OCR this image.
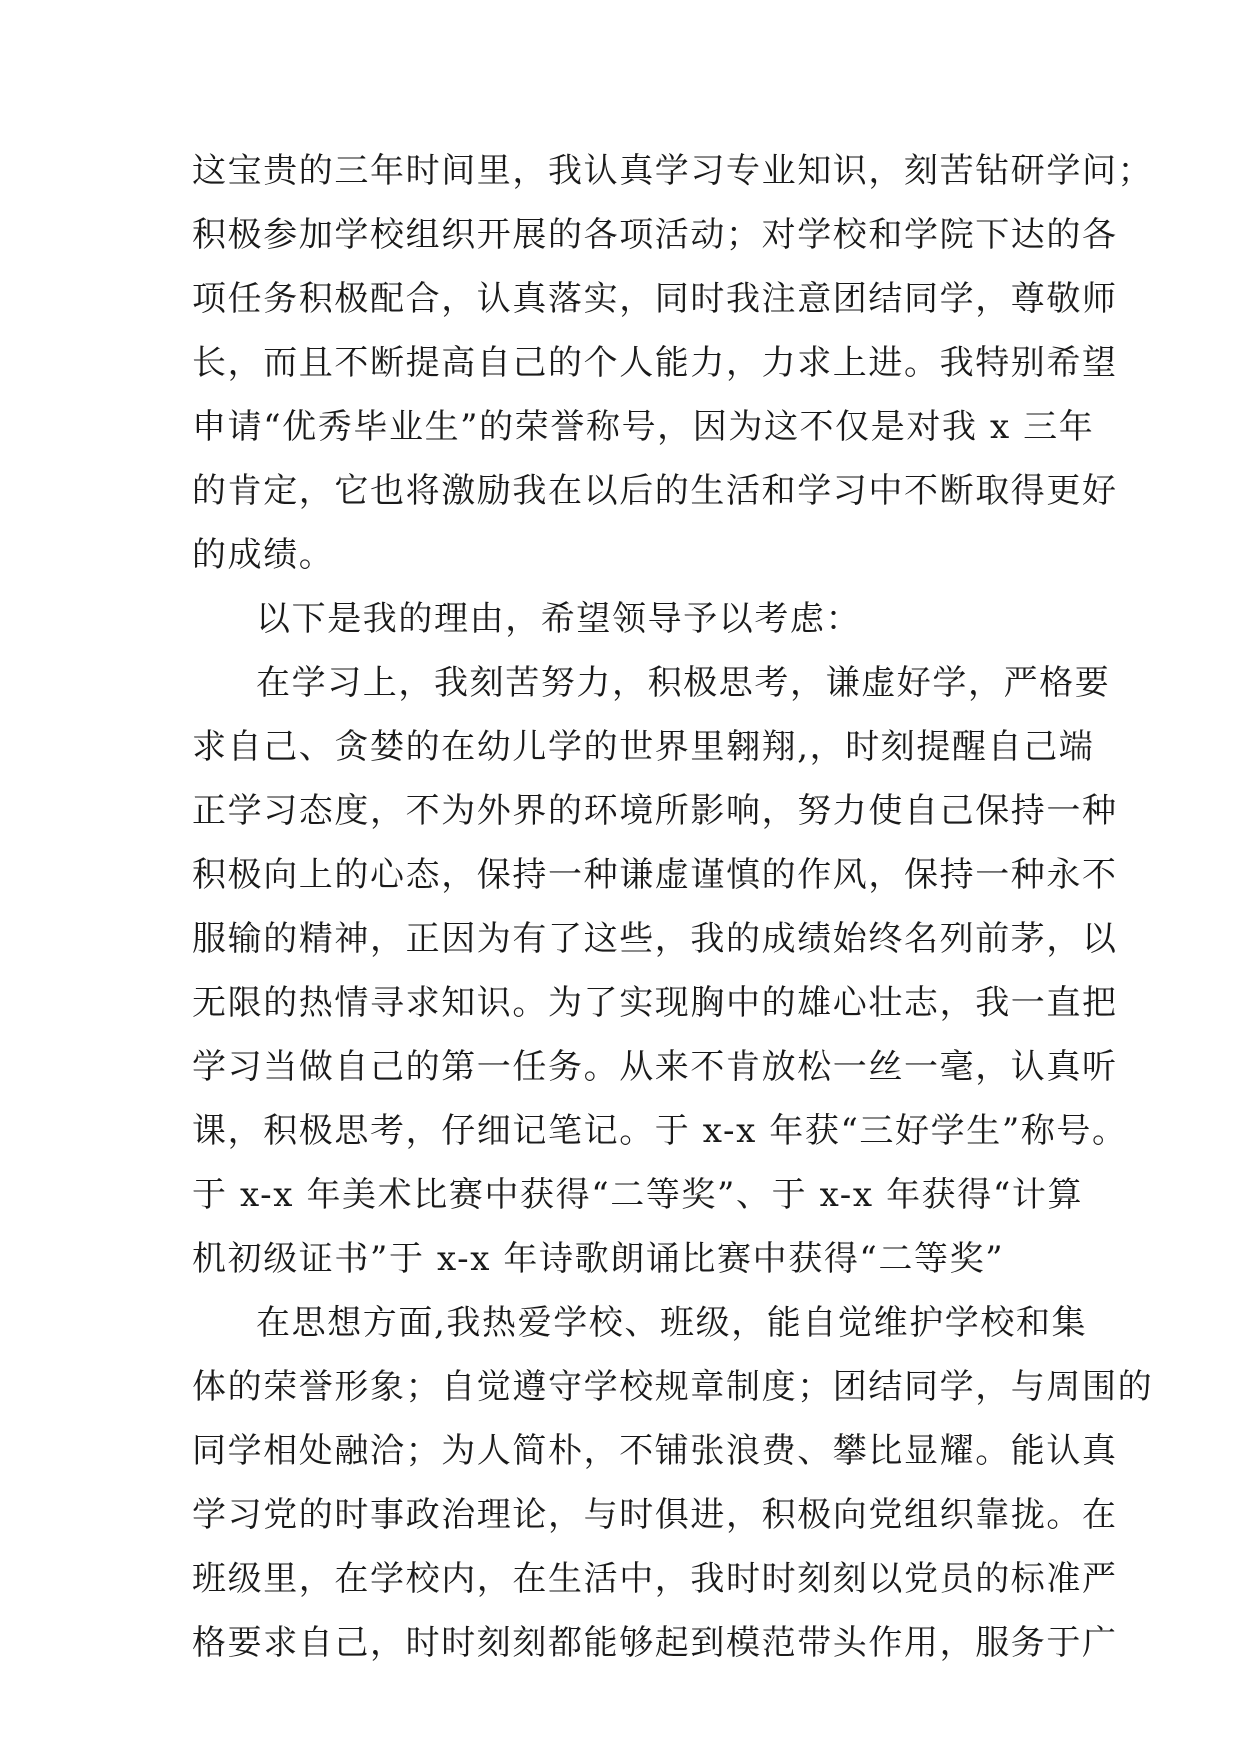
这宝贵的三年时间里，我认真学习专业知识，刻苦钻研学问；
积极参加学校组织开展的各项活动；对学校和学院下达的各
项任务积极配合，认真落实，同时我注意团结同学，尊敬师
长，而且不断提高自己的个人能力，力求上进。我特别希望
申请“优秀毕业生”的荣誉称号，因为这不仅是对我 x 三年
的肯定，它也将激励我在以后的生活和学习中不断取得更好
的成绩。
以下是我的理由，希望领导予以考虑：
在学习上，我刻苦努力，积极思考，谦虚好学，严格要
求自己、贪婪的在幼儿学的世界里翱翔,，时刻提醒自己端
正学习态度，不为外界的环境所影响，努力使自己保持一种
积极向上的心态，保持一种谦虚谨慎的作风，保持一种永不
服输的精神，正因为有了这些，我的成绩始终名列前茅，以
无限的热情寻求知识。为了实现胸中的雄心壮志，我一直把
学习当做自己的第一任务。从来不肯放松一丝一毫，认真听
课，积极思考，仔细记笔记。于 x-x 年获“三好学生”称号。
于 x-x 年美术比赛中获得“二等奖”、于 x-x 年获得“计算
机初级证书”于 x-x 年诗歌朗诵比赛中获得“二等奖”
在思想方面,我热爱学校、班级，能自觉维护学校和集
体的荣誉形象；自觉遵守学校规章制度；团结同学，与周围的
同学相处融洽；为人简朴，不铺张浪费、攀比显耀。能认真
学习党的时事政治理论，与时俱进，积极向党组织靠拢。在
班级里，在学校内，在生活中，我时时刻刻以党员的标准严
格要求自己，时时刻刻都能够起到模范带头作用，服务于广
